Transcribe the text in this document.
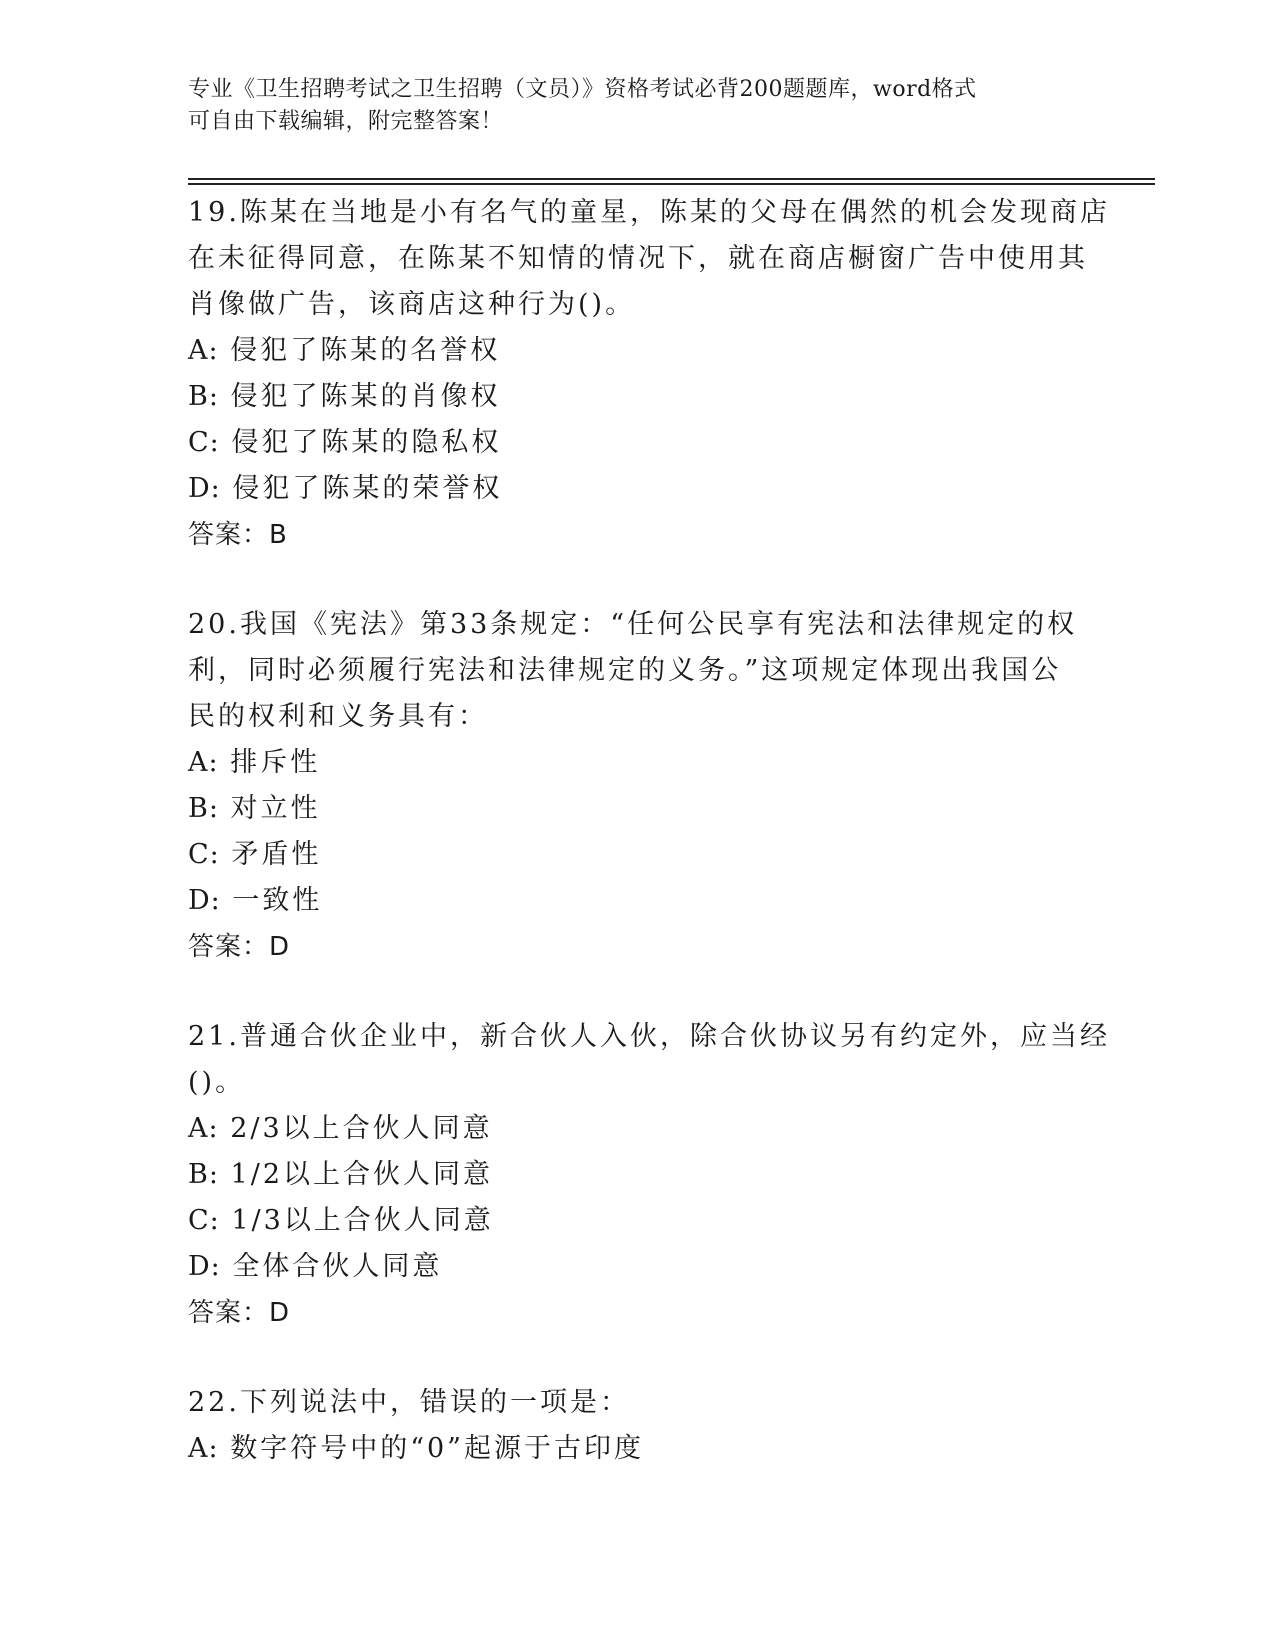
专业《卫生招聘考试之卫生招聘（文员）》资格考试必背200题题库，word格式
可自由下载编辑，附完整答案！
19.陈某在当地是小有名气的童星，陈某的父母在偶然的机会发现商店
在未征得同意，在陈某不知情的情况下，就在商店橱窗广告中使用其
肖像做广告，该商店这种行为()。
A: 侵犯了陈某的名誉权
B: 侵犯了陈某的肖像权
C: 侵犯了陈某的隐私权
D: 侵犯了陈某的荣誉权
答案：B
20.我国《宪法》第33条规定：“任何公民享有宪法和法律规定的权
利，同时必须履行宪法和法律规定的义务。”这项规定体现出我国公
民的权利和义务具有：
A: 排斥性
B: 对立性
C: 矛盾性
D: 一致性
答案：D
21.普通合伙企业中，新合伙人入伙，除合伙协议另有约定外，应当经
()。
A: 2/3以上合伙人同意
B: 1/2以上合伙人同意
C: 1/3以上合伙人同意
D: 全体合伙人同意
答案：D
22.下列说法中，错误的一项是：
A: 数字符号中的“0”起源于古印度
